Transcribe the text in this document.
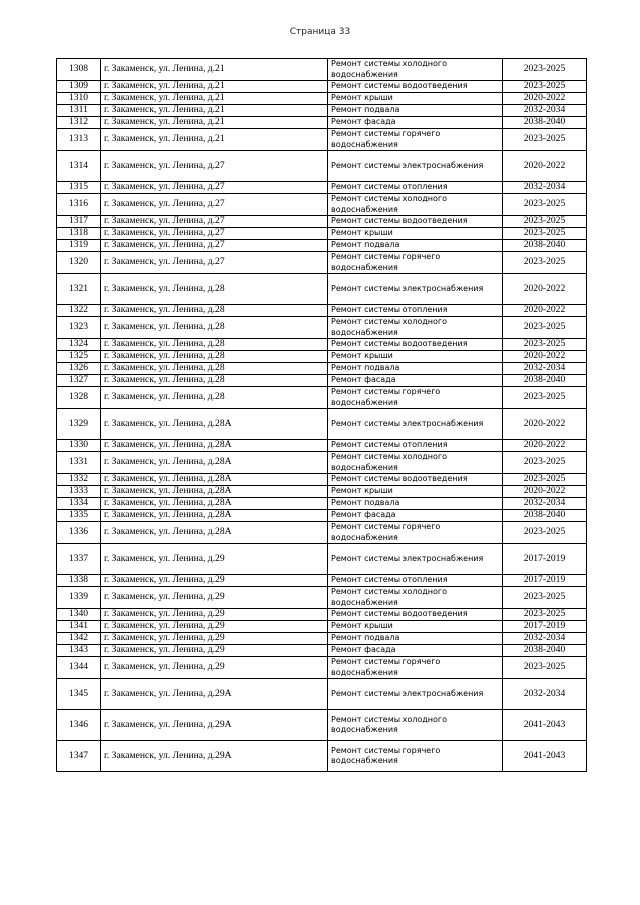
Страница 33
1308	г. Закаменск, ул. Ленина, д.21	Ремонт системы холодного водоснабжения	2023-2025
1309	г. Закаменск, ул. Ленина, д.21	Ремонт системы водоотведения	2023-2025
1310	г. Закаменск, ул. Ленина, д.21	Ремонт крыши	2020-2022
1311	г. Закаменск, ул. Ленина, д.21	Ремонт подвала	2032-2034
1312	г. Закаменск, ул. Ленина, д.21	Ремонт фасада	2038-2040
1313	г. Закаменск, ул. Ленина, д.21	Ремонт системы горячего водоснабжения	2023-2025
1314	г. Закаменск, ул. Ленина, д.27	Ремонт системы электроснабжения	2020-2022
1315	г. Закаменск, ул. Ленина, д.27	Ремонт системы отопления	2032-2034
1316	г. Закаменск, ул. Ленина, д.27	Ремонт системы холодного водоснабжения	2023-2025
1317	г. Закаменск, ул. Ленина, д.27	Ремонт системы водоотведения	2023-2025
1318	г. Закаменск, ул. Ленина, д.27	Ремонт крыши	2023-2025
1319	г. Закаменск, ул. Ленина, д.27	Ремонт подвала	2038-2040
1320	г. Закаменск, ул. Ленина, д.27	Ремонт системы горячего водоснабжения	2023-2025
1321	г. Закаменск, ул. Ленина, д.28	Ремонт системы электроснабжения	2020-2022
1322	г. Закаменск, ул. Ленина, д.28	Ремонт системы отопления	2020-2022
1323	г. Закаменск, ул. Ленина, д.28	Ремонт системы холодного водоснабжения	2023-2025
1324	г. Закаменск, ул. Ленина, д.28	Ремонт системы водоотведения	2023-2025
1325	г. Закаменск, ул. Ленина, д.28	Ремонт крыши	2020-2022
1326	г. Закаменск, ул. Ленина, д.28	Ремонт подвала	2032-2034
1327	г. Закаменск, ул. Ленина, д.28	Ремонт фасада	2038-2040
1328	г. Закаменск, ул. Ленина, д.28	Ремонт системы горячего водоснабжения	2023-2025
1329	г. Закаменск, ул. Ленина, д.28А	Ремонт системы электроснабжения	2020-2022
1330	г. Закаменск, ул. Ленина, д.28А	Ремонт системы отопления	2020-2022
1331	г. Закаменск, ул. Ленина, д.28А	Ремонт системы холодного водоснабжения	2023-2025
1332	г. Закаменск, ул. Ленина, д.28А	Ремонт системы водоотведения	2023-2025
1333	г. Закаменск, ул. Ленина, д.28А	Ремонт крыши	2020-2022
1334	г. Закаменск, ул. Ленина, д.28А	Ремонт подвала	2032-2034
1335	г. Закаменск, ул. Ленина, д.28А	Ремонт фасада	2038-2040
1336	г. Закаменск, ул. Ленина, д.28А	Ремонт системы горячего водоснабжения	2023-2025
1337	г. Закаменск, ул. Ленина, д.29	Ремонт системы электроснабжения	2017-2019
1338	г. Закаменск, ул. Ленина, д.29	Ремонт системы отопления	2017-2019
1339	г. Закаменск, ул. Ленина, д.29	Ремонт системы холодного водоснабжения	2023-2025
1340	г. Закаменск, ул. Ленина, д.29	Ремонт системы водоотведения	2023-2025
1341	г. Закаменск, ул. Ленина, д.29	Ремонт крыши	2017-2019
1342	г. Закаменск, ул. Ленина, д.29	Ремонт подвала	2032-2034
1343	г. Закаменск, ул. Ленина, д.29	Ремонт фасада	2038-2040
1344	г. Закаменск, ул. Ленина, д.29	Ремонт системы горячего водоснабжения	2023-2025
1345	г. Закаменск, ул. Ленина, д.29А	Ремонт системы электроснабжения	2032-2034
1346	г. Закаменск, ул. Ленина, д.29А	Ремонт системы холодного водоснабжения	2041-2043
1347	г. Закаменск, ул. Ленина, д.29А	Ремонт системы горячего водоснабжения	2041-2043
